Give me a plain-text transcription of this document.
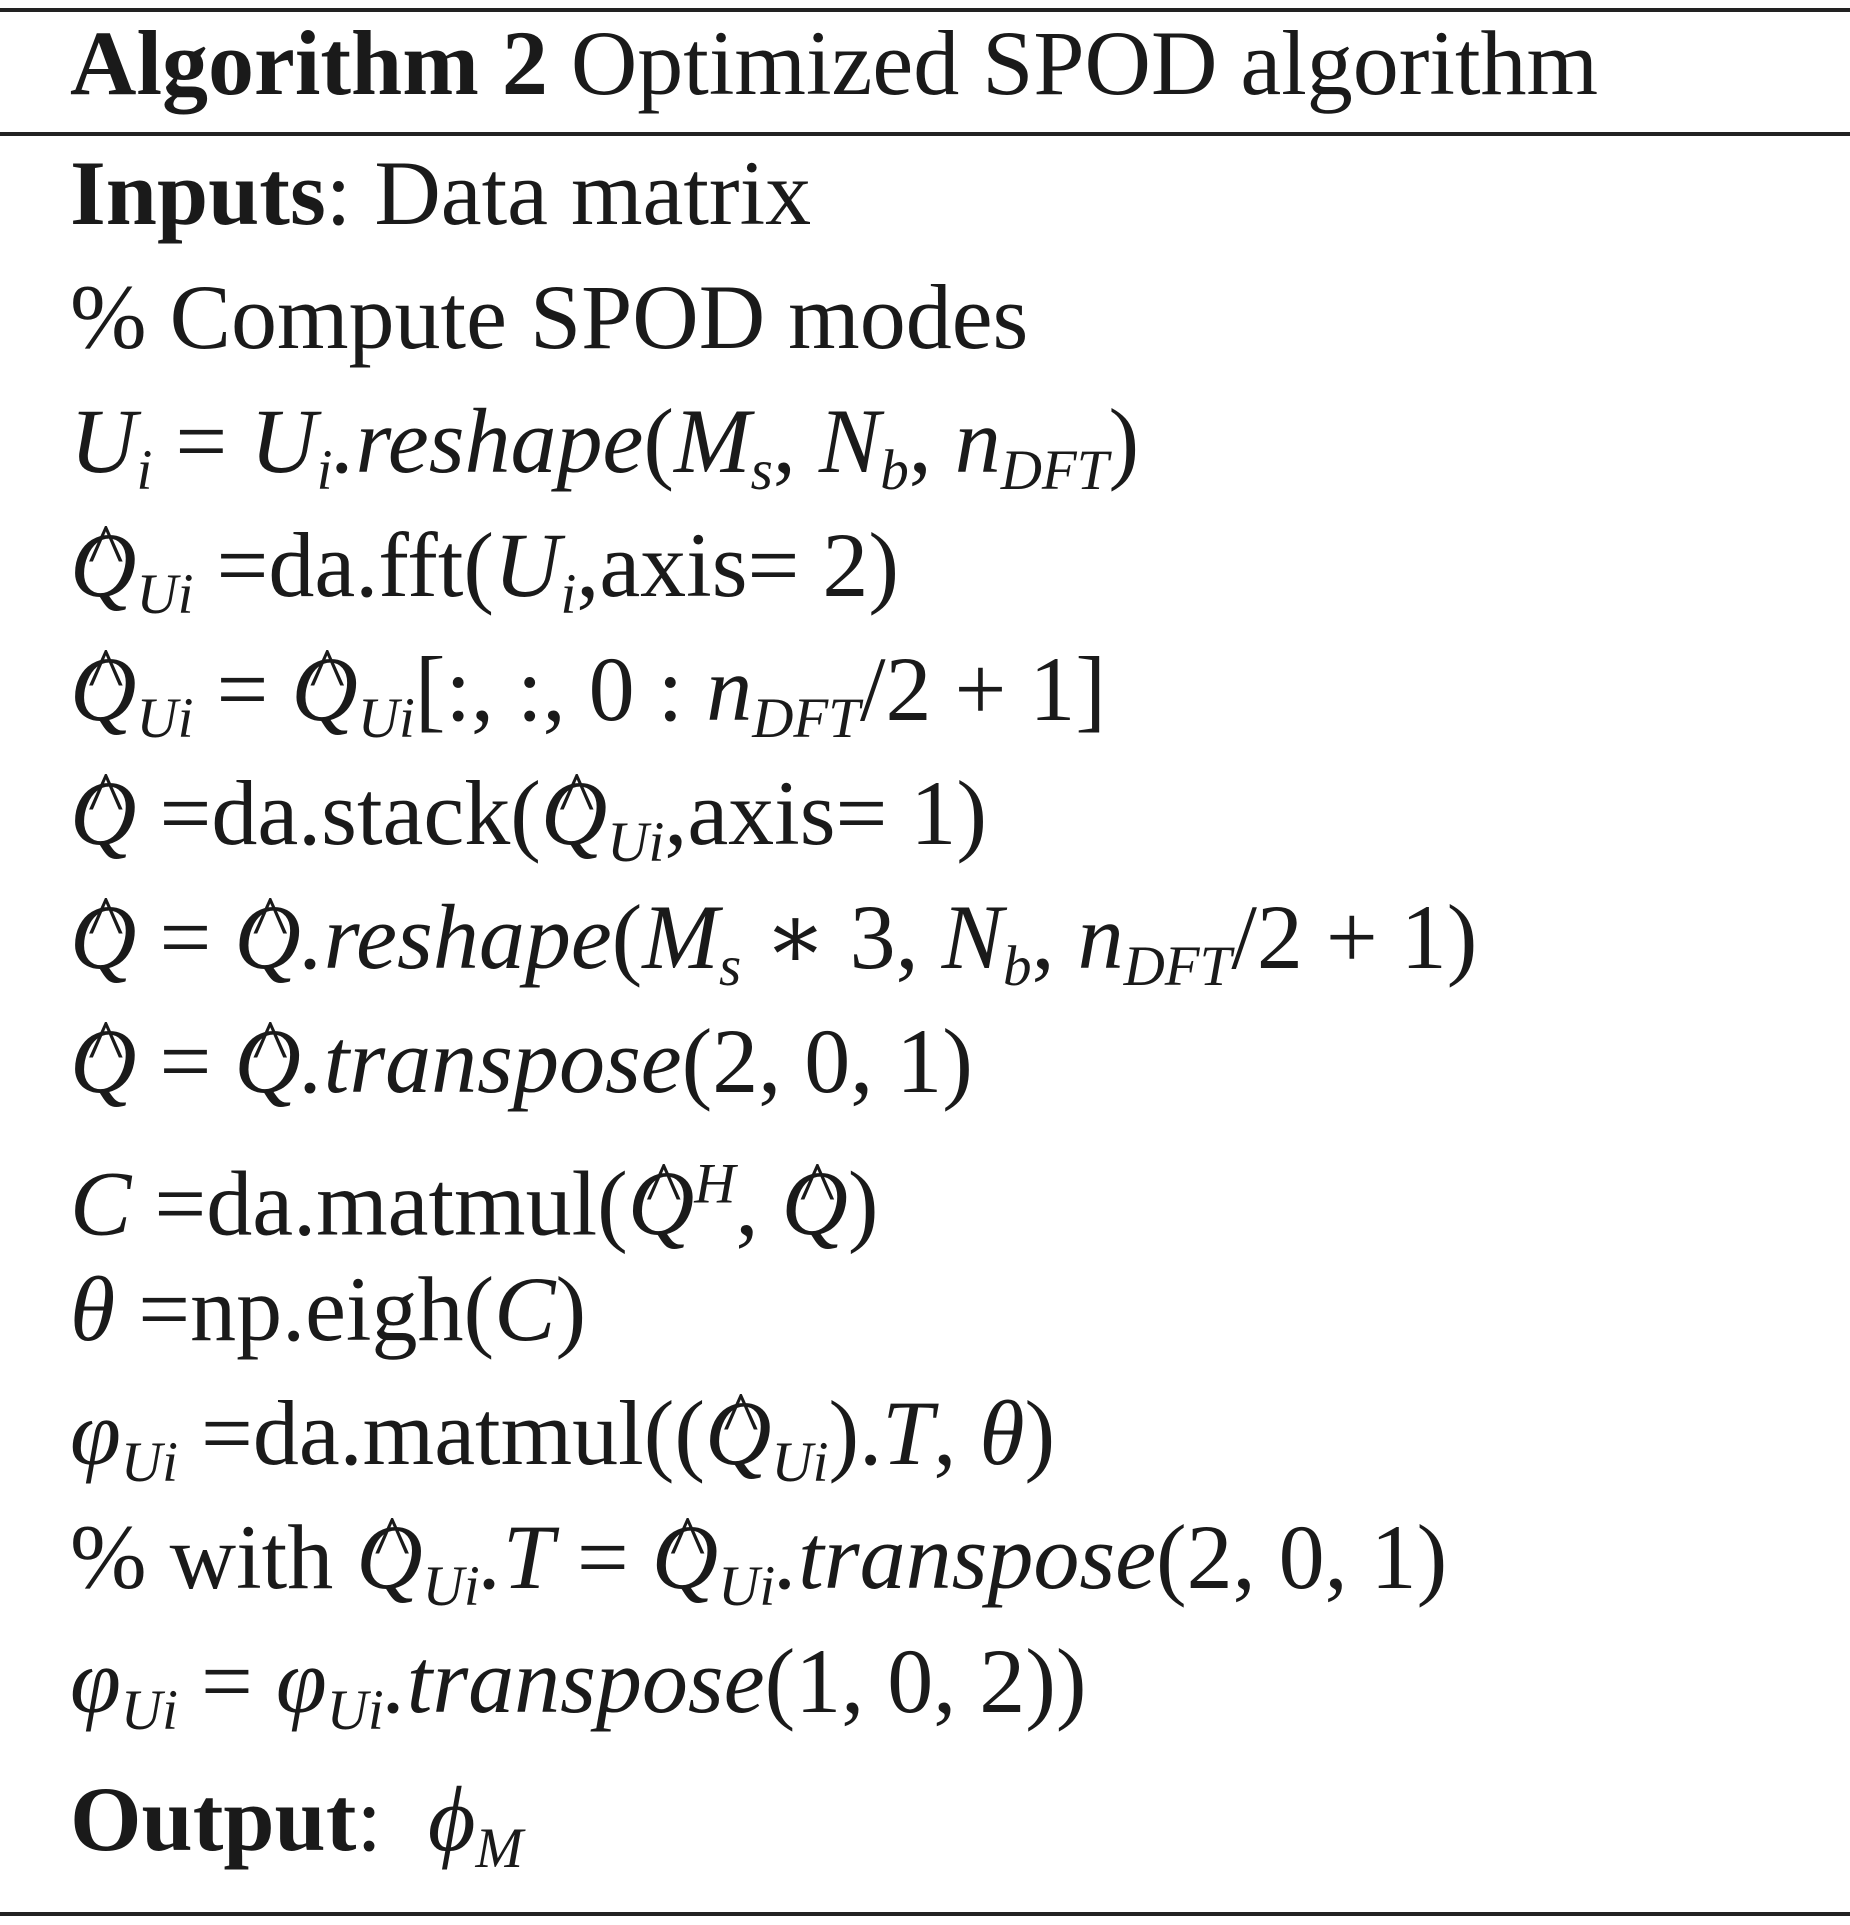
Algorithm 2 Optimized SPOD algorithm
Inputs: Data matrix
% Compute SPOD modes
$U_i$ = $U_i.reshape(M_s$, $N_b$, $n_{DFT}$)
^ $Q_{Ui}$ $=da.fft(U_i,axis= 2)$
^ $Q_{Ui}$ = ^ $Q_{Ui}$[:, :, 0 : $n_{DFT}/2 + 1$]
^ Q =da.stack(^ $Q_{Ui},axis= 1$)
^ Q = ^ $Q.reshape(M_s$ ∗ 3, $N_b$, $n_{DFT}/2 + 1$)
^ Q = ^ Q.transpose(2, 0, 1)
C =da.matmul(^ $Q^H$, ^ Q)
θ =np.eigh(C)
$\varphi_{Ui}$ =da.matmul((^ $Q_{Ui}).T$, θ)
% with ^ $Q_{Ui}.T$ = ^ $Q_{Ui}.transpose(2$, 0, 1)
$\varphi_{Ui}$ = $\varphi_{Ui}.transpose(1$, 0, 2))
Output:  $\phi_M$
